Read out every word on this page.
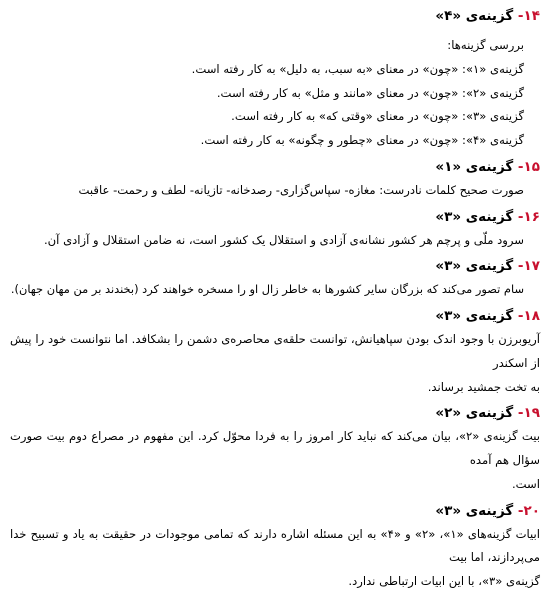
۱۴- گزینه‌ی «۴»

بررسی گزینه‌ها:

گزینه‌ی «۱»: «چون» در معنای «به سبب، به دلیل» به کار رفته است.

گزینه‌ی «۲»: «چون» در معنای «مانند و مثل» به کار رفته است.

گزینه‌ی «۳»: «چون» در معنای «وقتی که» به کار رفته است.

گزینه‌ی «۴»: «چون» در معنای «چطور و چگونه» به کار رفته است.

۱۵- گزینه‌ی «۱»

صورت صحیح کلمات نادرست: مغازه- سپاس‌گزاری- رصدخانه- تازیانه- لطف و رحمت- عاقبت

۱۶- گزینه‌ی «۳»

سرود ملّی و پرچم هر کشور نشانه‌ی آزادی و استقلال یک کشور است، نه ضامن استقلال و آزادی آن.

۱۷- گزینه‌ی «۳»

سام تصور می‌کند که بزرگان سایر کشورها به خاطر زال او را مسخره خواهند کرد (بخندند بر من مهان جهان).

۱۸- گزینه‌ی «۳»

آریوبرزن با وجود اندک بودن سپاهیانش، توانست حلقه‌ی محاصره‌ی دشمن را بشکافد. اما نتوانست خود را پیش از اسکندر

به تخت جمشید برساند.

۱۹- گزینه‌ی «۲»

بیت گزینه‌ی «۲»، بیان می‌کند که نباید کار امروز را به فردا محوّل کرد. این مفهوم در مصراع دوم بیت صورت سؤال هم آمده

است.

۲۰- گزینه‌ی «۳»

ابیات گزینه‌های «۱»، «۲» و «۴» به این مسئله اشاره دارند که تمامی موجودات در حقیقت به یاد و تسبیح خدا می‌پردازند، اما بیت

گزینه‌ی «۳»، با این ابیات ارتباطی ندارد.
